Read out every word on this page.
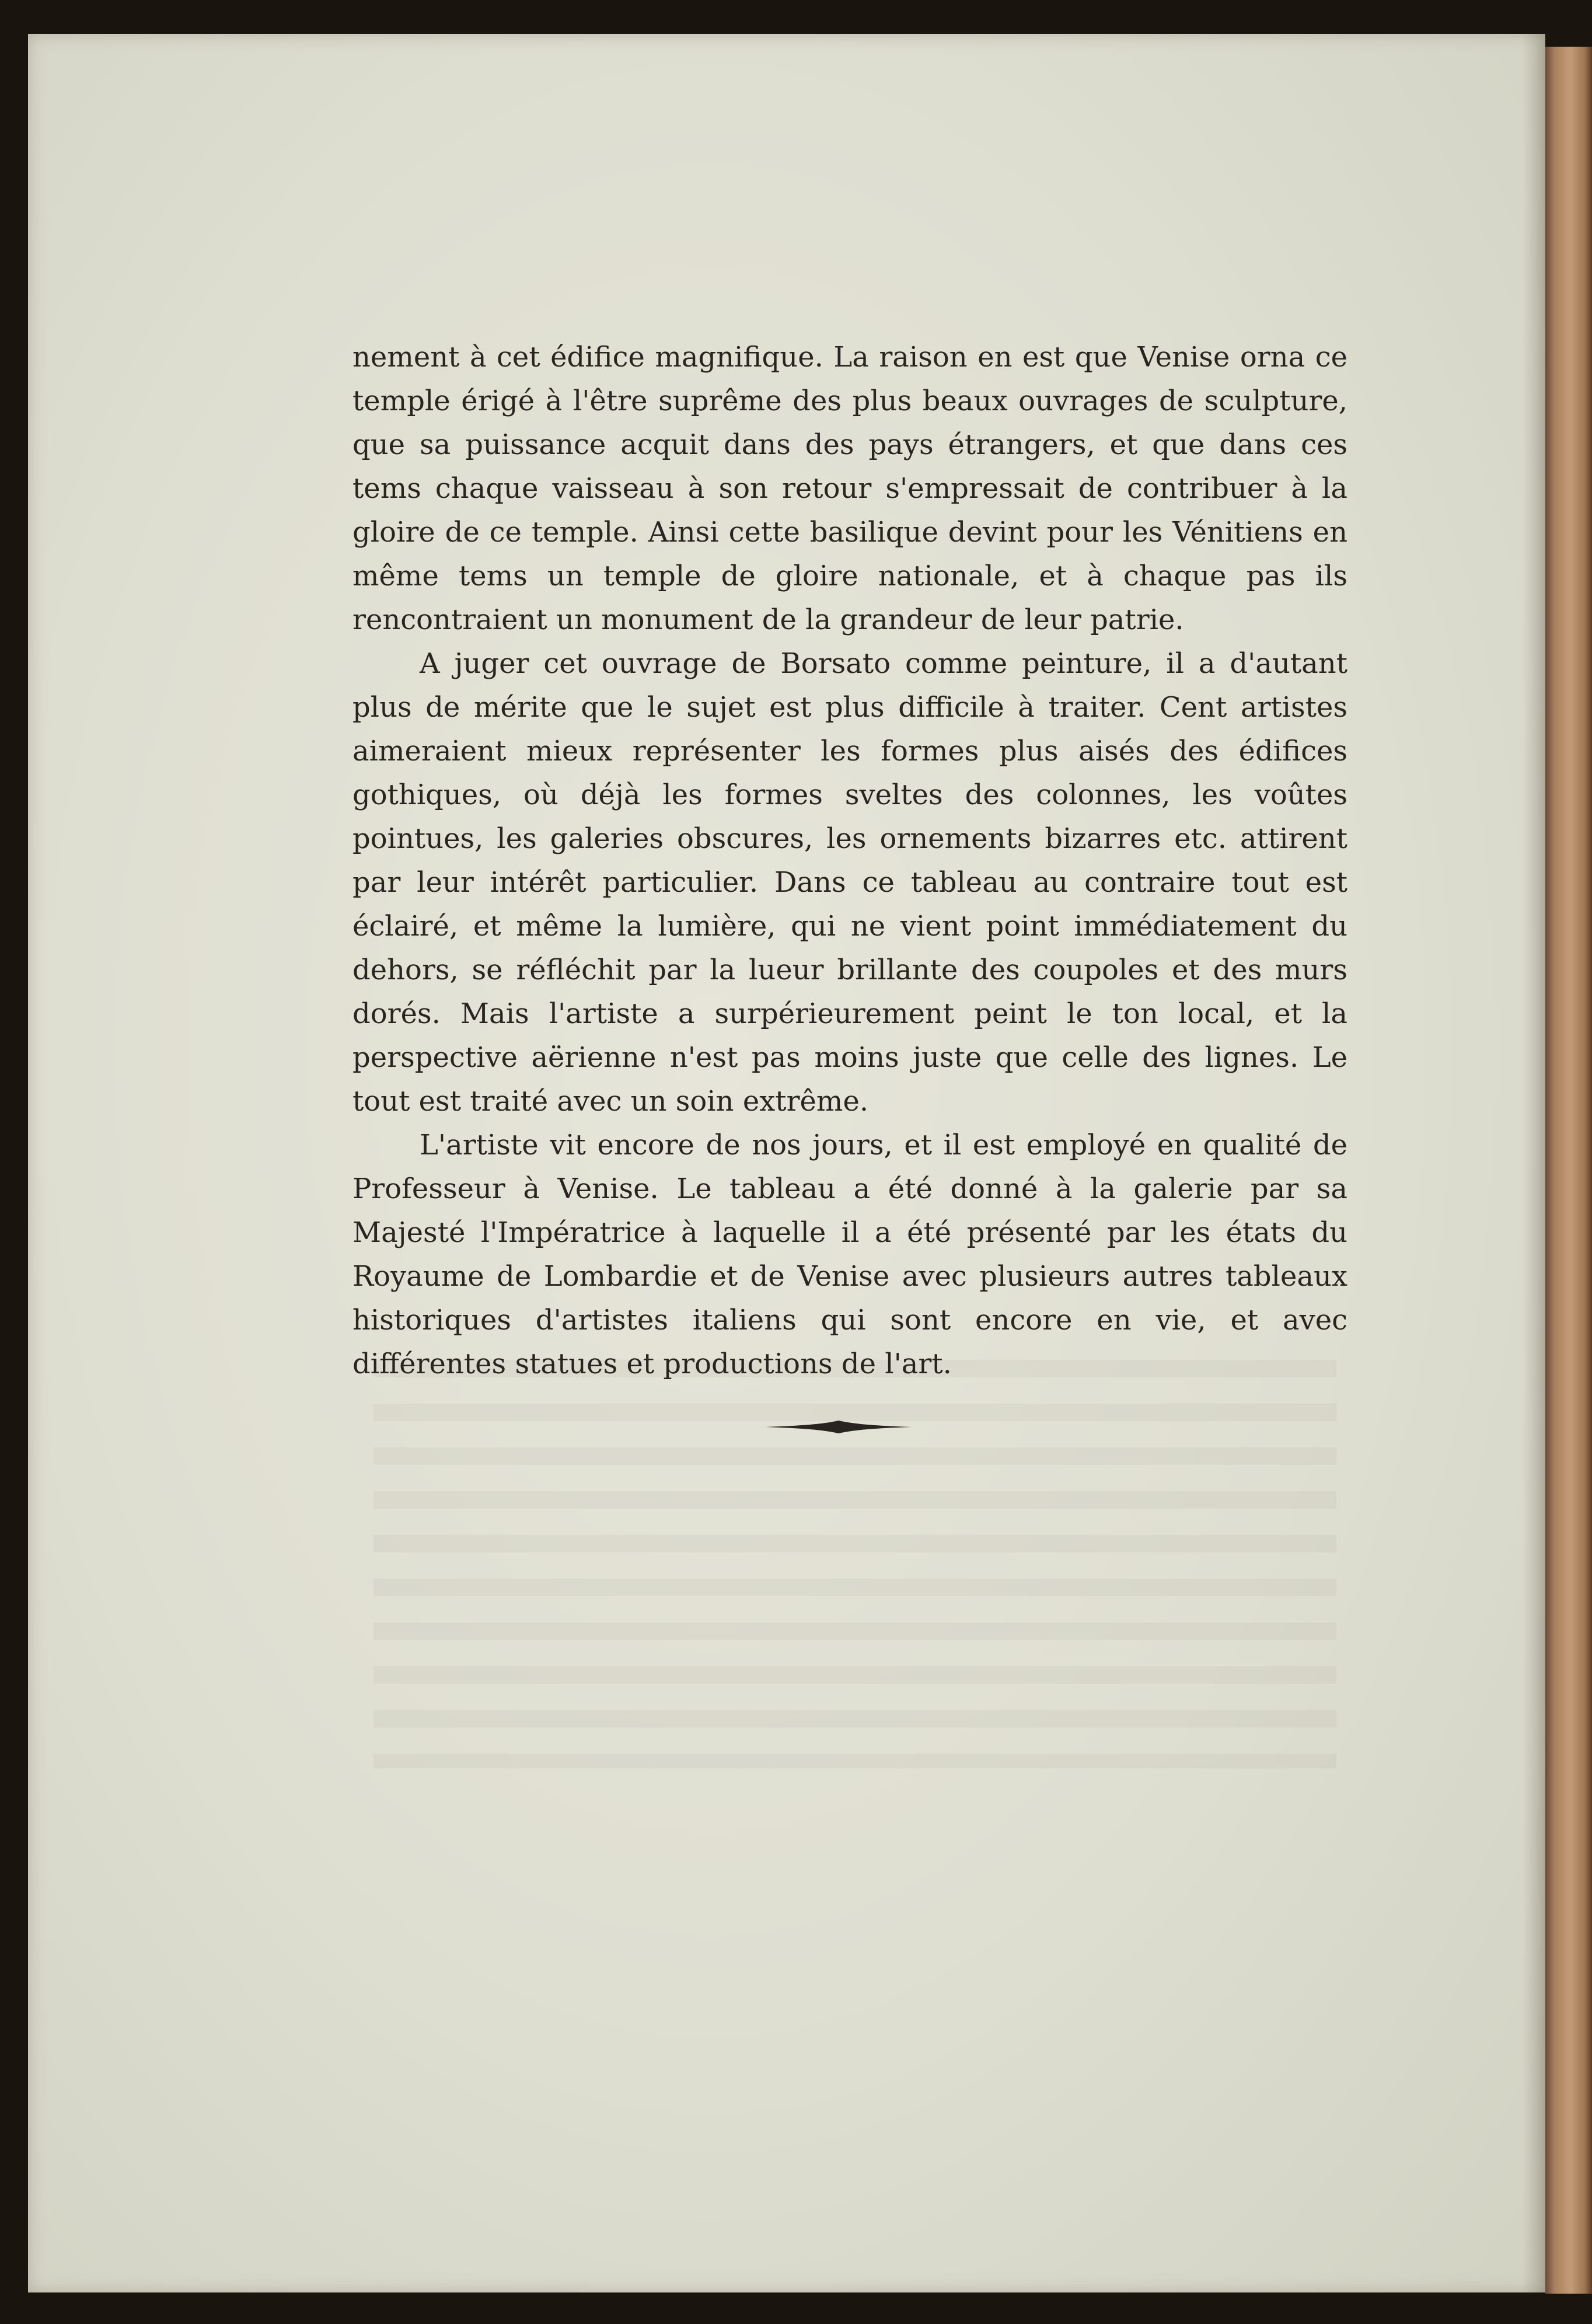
nement à cet édifice magnifique. La raison en est que Venise orna ce temple érigé à l'être suprême des plus beaux ouvrages de sculpture, que sa puissance acquit dans des pays étrangers, et que dans ces tems chaque vaisseau à son retour s'empressait de contribuer à la gloire de ce temple. Ainsi cette basilique devint pour les Vénitiens en même tems un temple de gloire nationale, et à chaque pas ils rencontraient un monument de la grandeur de leur patrie.

A juger cet ouvrage de Borsato comme peinture, il a d'autant plus de mérite que le sujet est plus difficile à traiter. Cent artistes aimeraient mieux représenter les formes plus aisés des édifices gothiques, où déjà les formes sveltes des colonnes, les voûtes pointues, les galeries obscures, les ornements bizarres etc. attirent par leur intérêt particulier. Dans ce tableau au contraire tout est éclairé, et même la lumière, qui ne vient point immédiatement du dehors, se réfléchit par la lueur brillante des coupoles et des murs dorés. Mais l'artiste a surpérieurement peint le ton local, et la perspective aërienne n'est pas moins juste que celle des lignes. Le tout est traité avec un soin extrême.

L'artiste vit encore de nos jours, et il est employé en qualité de Professeur à Venise. Le tableau a été donné à la galerie par sa Majesté l'Impératrice à laquelle il a été présenté par les états du Royaume de Lombardie et de Venise avec plusieurs autres tableaux historiques d'artistes italiens qui sont encore en vie, et avec différentes statues et productions de l'art.
